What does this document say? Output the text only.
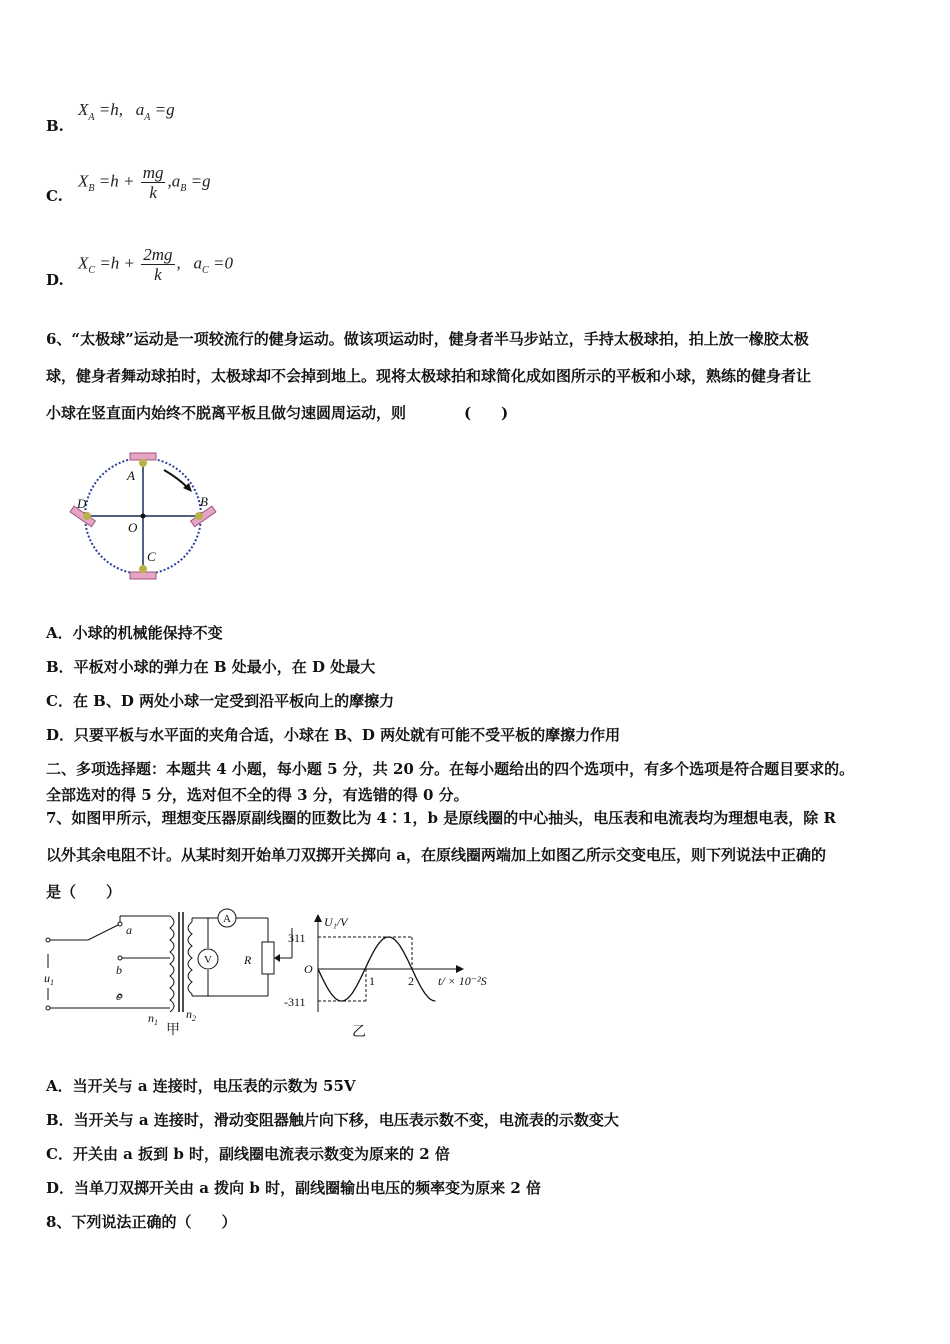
B.
$X_A =h$, $a_A =g$
C.
$X_B =h + \frac{mg}{k} ,a_B =g$
D.
$X_C =h + \frac{2mg}{k}$ , $a_C =0$
6、“太极球”运动是一项较流行的健身运动。做该项运动时，健身者半马步站立，手持太极球拍，拍上放一橡胶太极
球，健身者舞动球拍时，太极球却不会掉到地上。现将太极球拍和球简化成如图所示的平板和小球，熟练的健身者让
小球在竖直面内始终不脱离平板且做匀速圆周运动，则	(　　)
A
B
C
D
O
A．小球的机械能保持不变
B．平板对小球的弹力在 B 处最小，在 D 处最大
C．在 B、D 两处小球一定受到沿平板向上的摩擦力
D．只要平板与水平面的夹角合适，小球在 B、D 两处就有可能不受平板的摩擦力作用
二、多项选择题：本题共 4 小题，每小题 5 分，共 20 分。在每小题给出的四个选项中，有多个选项是符合题目要求的。
全部选对的得 5 分，选对但不全的得 3 分，有选错的得 0 分。
7、如图甲所示，理想变压器原副线圈的匝数比为 4∶1，b 是原线圈的中心抽头，电压表和电流表均为理想电表，除 R
以外其余电阻不计。从某时刻开始单刀双掷开关掷向 a，在原线圈两端加上如图乙所示交变电压，则下列说法中正确的
是（　　）
A
V	R
a
b
c
$u_1$
$n_1$
$n_2$
甲
311
-311
O
1	2
U₁/V
t/ × 10⁻²S
乙
A．当开关与 a 连接时，电压表的示数为 55V
B．当开关与 a 连接时，滑动变阻器触片向下移，电压表示数不变，电流表的示数变大
C．开关由 a 扳到 b 时，副线圈电流表示数变为原来的 2 倍
D．当单刀双掷开关由 a 拨向 b 时，副线圈输出电压的频率变为原来 2 倍
8、下列说法正确的（　　）
